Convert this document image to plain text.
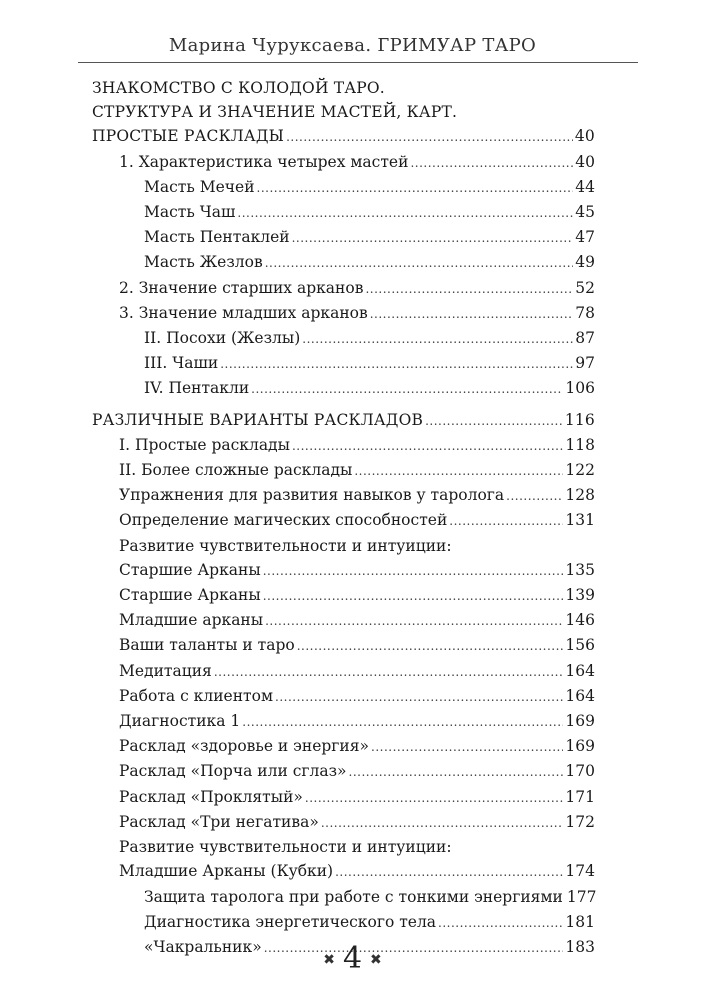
Марина Чуруксаева. ГРИМУАР ТАРО
ЗНАКОМСТВО С КОЛОДОЙ ТАРО.
СТРУКТУРА И ЗНАЧЕНИЕ МАСТЕЙ, КАРТ.
ПРОСТЫЕ РАСКЛАДЫ .....	40
1. Характеристика четырех мастей .....	40
Масть Мечей .....	44
Масть Чаш .....	45
Масть Пентаклей .....	47
Масть Жезлов .....	49
2. Значение старших арканов .....	52
3. Значение младших арканов .....	78
II. Посохи (Жезлы) .....	87
III. Чаши .....	97
IV. Пентакли .....	106
РАЗЛИЧНЫЕ ВАРИАНТЫ РАСКЛАДОВ .....	116
I. Простые расклады .....	118
II. Более сложные расклады .....	122
Упражнения для развития навыков у таролога .....	128
Определение магических способностей .....	131
Развитие чувствительности и интуиции:
Старшие Арканы .....	135
Старшие Арканы .....	139
Младшие арканы .....	146
Ваши таланты и таро .....	156
Медитация .....	164
Работа с клиентом .....	164
Диагностика 1 .....	169
Расклад «здоровье и энергия» .....	169
Расклад «Порча или сглаз» .....	170
Расклад «Проклятый» .....	171
Расклад «Три негатива» .....	172
Развитие чувствительности и интуиции:
Младшие Арканы (Кубки) .....	174
Защита таролога при работе с тонкими энергиями 177
Диагностика энергетического тела .....	181
«Чакральник» .....	183
✖ 4 ✖
